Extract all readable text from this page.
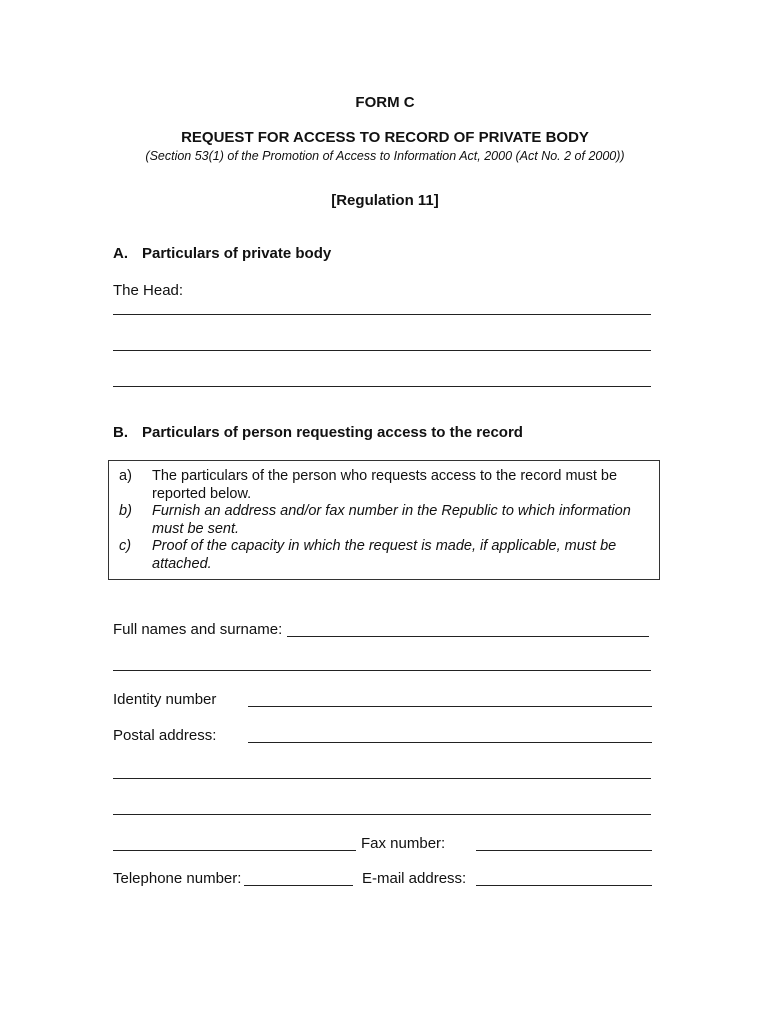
FORM C
REQUEST FOR ACCESS TO RECORD OF PRIVATE BODY
(Section 53(1) of the Promotion of Access to Information Act, 2000 (Act No. 2 of 2000))
[Regulation 11]
A. Particulars of private body
The Head:
B. Particulars of person requesting access to the record
a) The particulars of the person who requests access to the record must be reported below.
b) Furnish an address and/or fax number in the Republic to which information must be sent.
c) Proof of the capacity in which the request is made, if applicable, must be attached.
Full names and surname:
Identity number
Postal address:
Fax number:
Telephone number:	E-mail address:
